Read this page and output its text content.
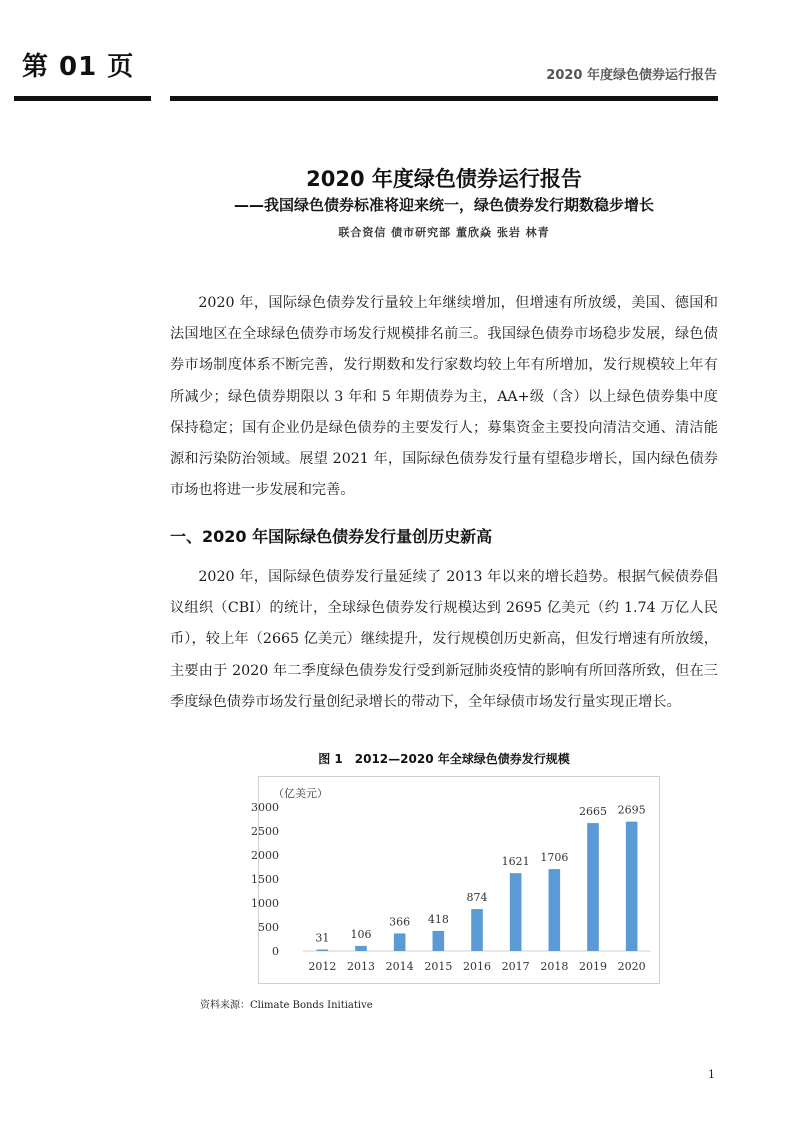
第 01 页	2020 年度绿色债券运行报告
2020 年度绿色债券运行报告
——我国绿色债券标准将迎来统一，绿色债券发行期数稳步增长
联合资信 债市研究部 董欣焱 张岩 林青

2020 年，国际绿色债券发行量较上年继续增加，但增速有所放缓，美国、德国和法国地区在全球绿色债券市场发行规模排名前三。我国绿色债券市场稳步发展，绿色债券市场制度体系不断完善，发行期数和发行家数均较上年有所增加，发行规模较上年有所减少；绿色债券期限以 3 年和 5 年期债券为主，AA+级（含）以上绿色债券集中度保持稳定；国有企业仍是绿色债券的主要发行人；募集资金主要投向清洁交通、清洁能源和污染防治领域。展望 2021 年，国际绿色债券发行量有望稳步增长，国内绿色债券市场也将进一步发展和完善。

一、2020 年国际绿色债券发行量创历史新高

2020 年，国际绿色债券发行量延续了 2013 年以来的增长趋势。根据气候债券倡议组织（CBI）的统计，全球绿色债券发行规模达到 2695 亿美元（约 1.74 万亿人民币），较上年（2665 亿美元）继续提升，发行规模创历史新高，但发行增速有所放缓，主要由于 2020 年二季度绿色债券发行受到新冠肺炎疫情的影响有所回落所致，但在三季度绿色债券市场发行量创纪录增长的带动下，全年绿债市场发行量实现正增长。

图 1　2012—2020 年全球绿色债券发行规模
（亿美元）
0
500
1000
1500
2000
2500
3000
31
2012
106
2013
366
2014
418
2015
874
2016
1621
2017
1706
2018
2665
2019
2695
2020
资料来源：Climate Bonds Initiative
1
